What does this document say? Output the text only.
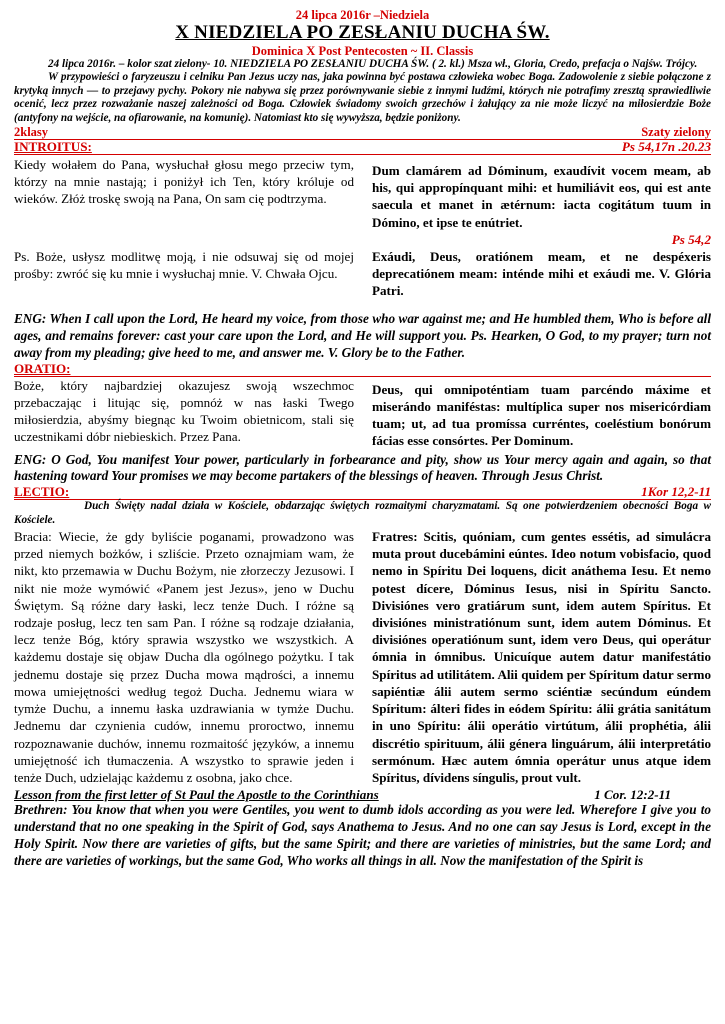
24 lipca 2016r –Niedziela
X NIEDZIELA PO ZESŁANIU DUCHA ŚW.
Dominica X Post Pentecosten ~ II. Classis

24 lipca 2016r. – kolor szat zielony- 10. NIEDZIELA PO ZESŁANIU DUCHA ŚW. ( 2. kl.) Msza wł., Gloria, Credo, prefacja o Najśw. Trójcy.

W przypowieści o faryzeuszu i celniku Pan Jezus uczy nas, jaka powinna być postawa człowieka wobec Boga. Zadowolenie z siebie połączone z krytyką innych — to przejawy pychy. Pokory nie nabywa się przez porównywanie siebie z innymi ludźmi, których nie potrafimy zresztą sprawiedliwie ocenić, lecz przez rozważanie naszej zależności od Boga. Człowiek świadomy swoich grzechów i żałujący za nie może liczyć na miłosierdzie Boże (antyfony na wejście, na ofiarowanie, na komunię). Natomiast kto się wywyższa, będzie poniżony.

2klasy	Szaty zielony
INTROITUS:	Ps 54,17n .20.23
Kiedy wołałem do Pana, wysłuchał głosu mego przeciw tym, którzy na mnie nastają; i poniżył ich Ten, który króluje od wieków. Złóż troskę swoją na Pana, On sam cię podtrzyma.
Dum clamárem ad Dóminum, exaudívit vocem meam, ab his, qui appropínquant mihi: et humiliávit eos, qui est ante saecula et manet in ætérnum: iacta cogitátum tuum in Dómino, et ipse te enútriet.
Ps 54,2
Ps. Boże, usłysz modlitwę moją, i nie odsuwaj się od mojej prośby: zwróć się ku mnie i wysłuchaj mnie. V. Chwała Ojcu.
Exáudi, Deus, oratiónem meam, et ne despéxeris deprecatiónem meam: inténde mihi et exáudi me. V. Glória Patri.
ENG: When I call upon the Lord, He heard my voice, from those who war against me; and He humbled them, Who is before all ages, and remains forever: cast your care upon the Lord, and He will support you. Ps. Hearken, O God, to my prayer; turn not away from my pleading; give heed to me, and answer me. V. Glory be to the Father.
ORATIO:
Boże, który najbardziej okazujesz swoją wszechmoc przebaczając i litując się, pomnóż w nas łaski Twego miłosierdzia, abyśmy biegnąc ku Twoim obietnicom, stali się uczestnikami dóbr niebieskich. Przez Pana.
Deus, qui omnipoténtiam tuam parcéndo máxime et miserándo maniféstas: multíplica super nos misericórdiam tuam; ut, ad tua promíssa curréntes, coeléstium bonórum fácias esse consórtes. Per Dominum.
ENG: O God, You manifest Your power, particularly in forbearance and pity, show us Your mercy again and again, so that hastening toward Your promises we may become partakers of the blessings of heaven. Through Jesus Christ.
LECTIO:	1Kor 12,2-11
Duch Święty nadal działa w Kościele, obdarzając świętych rozmaitymi charyzmatami. Są one potwierdzeniem obecności Boga w Kościele.
Bracia: Wiecie, że gdy byliście poganami, prowadzono was przed niemych bożków, i szliście. Przeto oznajmiam wam, że nikt, kto przemawia w Duchu Bożym, nie złorzeczy Jezusowi. I nikt nie może wymówić «Panem jest Jezus», jeno w Duchu Świętym. Są różne dary łaski, lecz tenże Duch. I różne są rodzaje posług, lecz ten sam Pan. I różne są rodzaje działania, lecz tenże Bóg, który sprawia wszystko we wszystkich. A każdemu dostaje się objaw Ducha dla ogólnego pożytku. I tak jednemu dostaje się przez Ducha mowa mądrości, a innemu mowa umiejętności według tegoż Ducha. Jednemu wiara w tymże Duchu, a innemu łaska uzdrawiania w tymże Duchu. Jednemu dar czynienia cudów, innemu proroctwo, innemu rozpoznawanie duchów, innemu rozmaitość języków, a innemu umiejętność ich tłumaczenia. A wszystko to sprawie jeden i tenże Duch, udzielając każdemu z osobna, jako chce.
Fratres: Scitis, quóniam, cum gentes essétis, ad simulácra muta prout ducebámini eúntes. Ideo notum vobisfacio, quod nemo in Spíritu Dei loquens, dicit anáthema Iesu. Et nemo potest dícere, Dóminus Iesus, nisi in Spíritu Sancto. Divisiónes vero gratiárum sunt, idem autem Spíritus. Et divisiónes ministratiónum sunt, idem autem Dóminus. Et divisiónes operatiónum sunt, idem vero Deus, qui operátur ómnia in ómnibus. Unicuíque autem datur manifestátio Spíritus ad utilitátem. Alii quidem per Spíritum datur sermo sapiéntiæ álii autem sermo sciéntiæ secúndum eúndem Spíritum: álteri fides in eódem Spíritu: álii grátia sanitátum in uno Spíritu: álii operátio virtútum, álii prophétia, álii discrétio spirituum, álii génera linguárum, álii interpretátio sermónum. Hæc autem ómnia operátur unus atque idem Spíritus, dívidens síngulis, prout vult.
Lesson from the first letter of St Paul the Apostle to the Corinthians	1 Cor. 12:2-11
Brethren: You know that when you were Gentiles, you went to dumb idols according as you were led. Wherefore I give you to understand that no one speaking in the Spirit of God, says Anathema to Jesus. And no one can say Jesus is Lord, except in the Holy Spirit. Now there are varieties of gifts, but the same Spirit; and there are varieties of ministries, but the same Lord; and there are varieties of workings, but the same God, Who works all things in all. Now the manifestation of the Spirit is
